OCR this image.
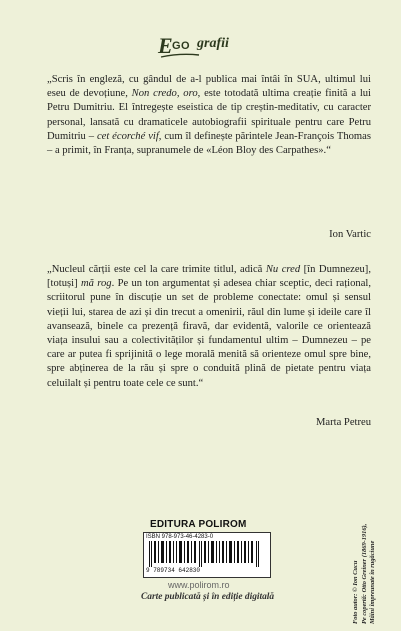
E GO grafii

„Scris în engleză, cu gândul de a-l publica mai întâi în SUA, ultimul lui eseu de devoțiune, Non credo, oro, este totodată ultima creație finită a lui Petru Dumitriu. El întregește eseistica de tip creștin-meditativ, cu caracter personal, lansată cu dramaticele autobiografii spirituale pentru care Petru Dumitriu – cet écorché vif, cum îl definește părintele Jean-François Thomas – a primit, în Franța, supranumele de «Léon Bloy des Carpathes».“

Ion Vartic

„Nucleul cărții este cel la care trimite titlul, adică Nu cred [în Dumnezeu], [totuși] mă rog. Pe un ton argumentat și adesea chiar sceptic, deci rațional, scriitorul pune în discuție un set de probleme conectate: omul și sensul vieții lui, starea de azi și din trecut a omenirii, răul din lume și ideile care îl avansează, binele ca prezență firavă, dar evidentă, valorile ce orientează viața insului sau a colectivităților și fundamentul ultim – Dumnezeu – pe care ar putea fi sprijinită o lege morală menită să orienteze omul spre bine, spre abținerea de la rău și spre o conduită plină de pietate pentru viața celuilalt și pentru toate cele ce sunt.“

Marta Petreu
EDITURA POLIROM
ISBN 978-973-46-4283-0
9 789734 642830
www.polirom.ro
Carte publicată și în ediție digitală	Foto autor: © Ion Cucu Pe copertă: Otto Greiner (1869-1916), Mâini împreunate în rugăciune
